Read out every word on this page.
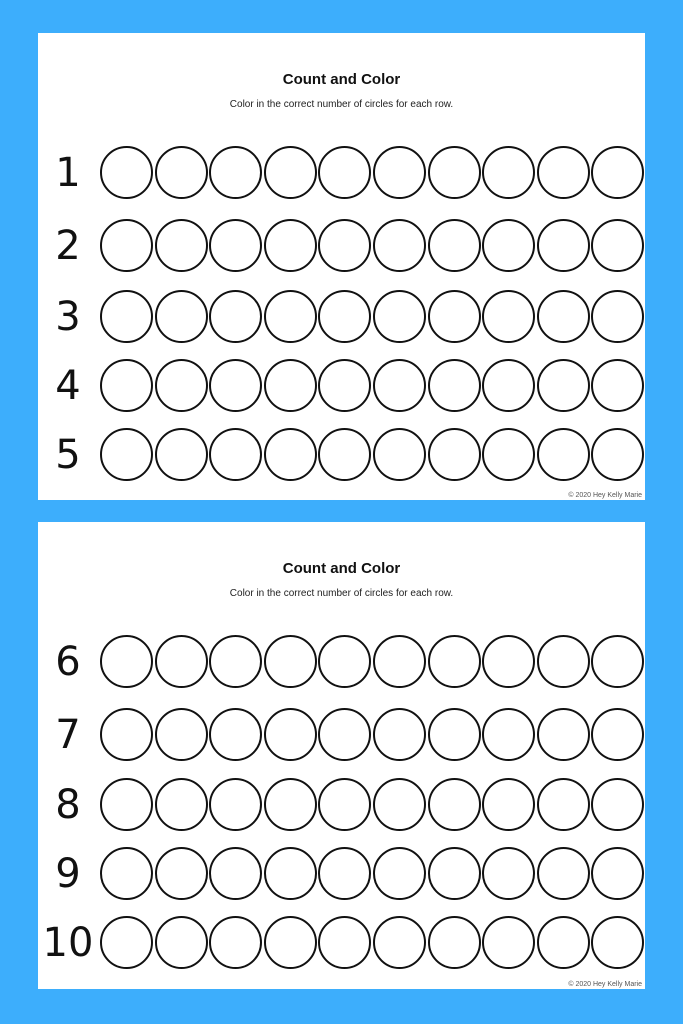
Count and Color
Color in the correct number of circles for each row.
1
2
3
4
5
© 2020 Hey Kelly Marie
Count and Color
Color in the correct number of circles for each row.
6
7
8
9
10
© 2020 Hey Kelly Marie
